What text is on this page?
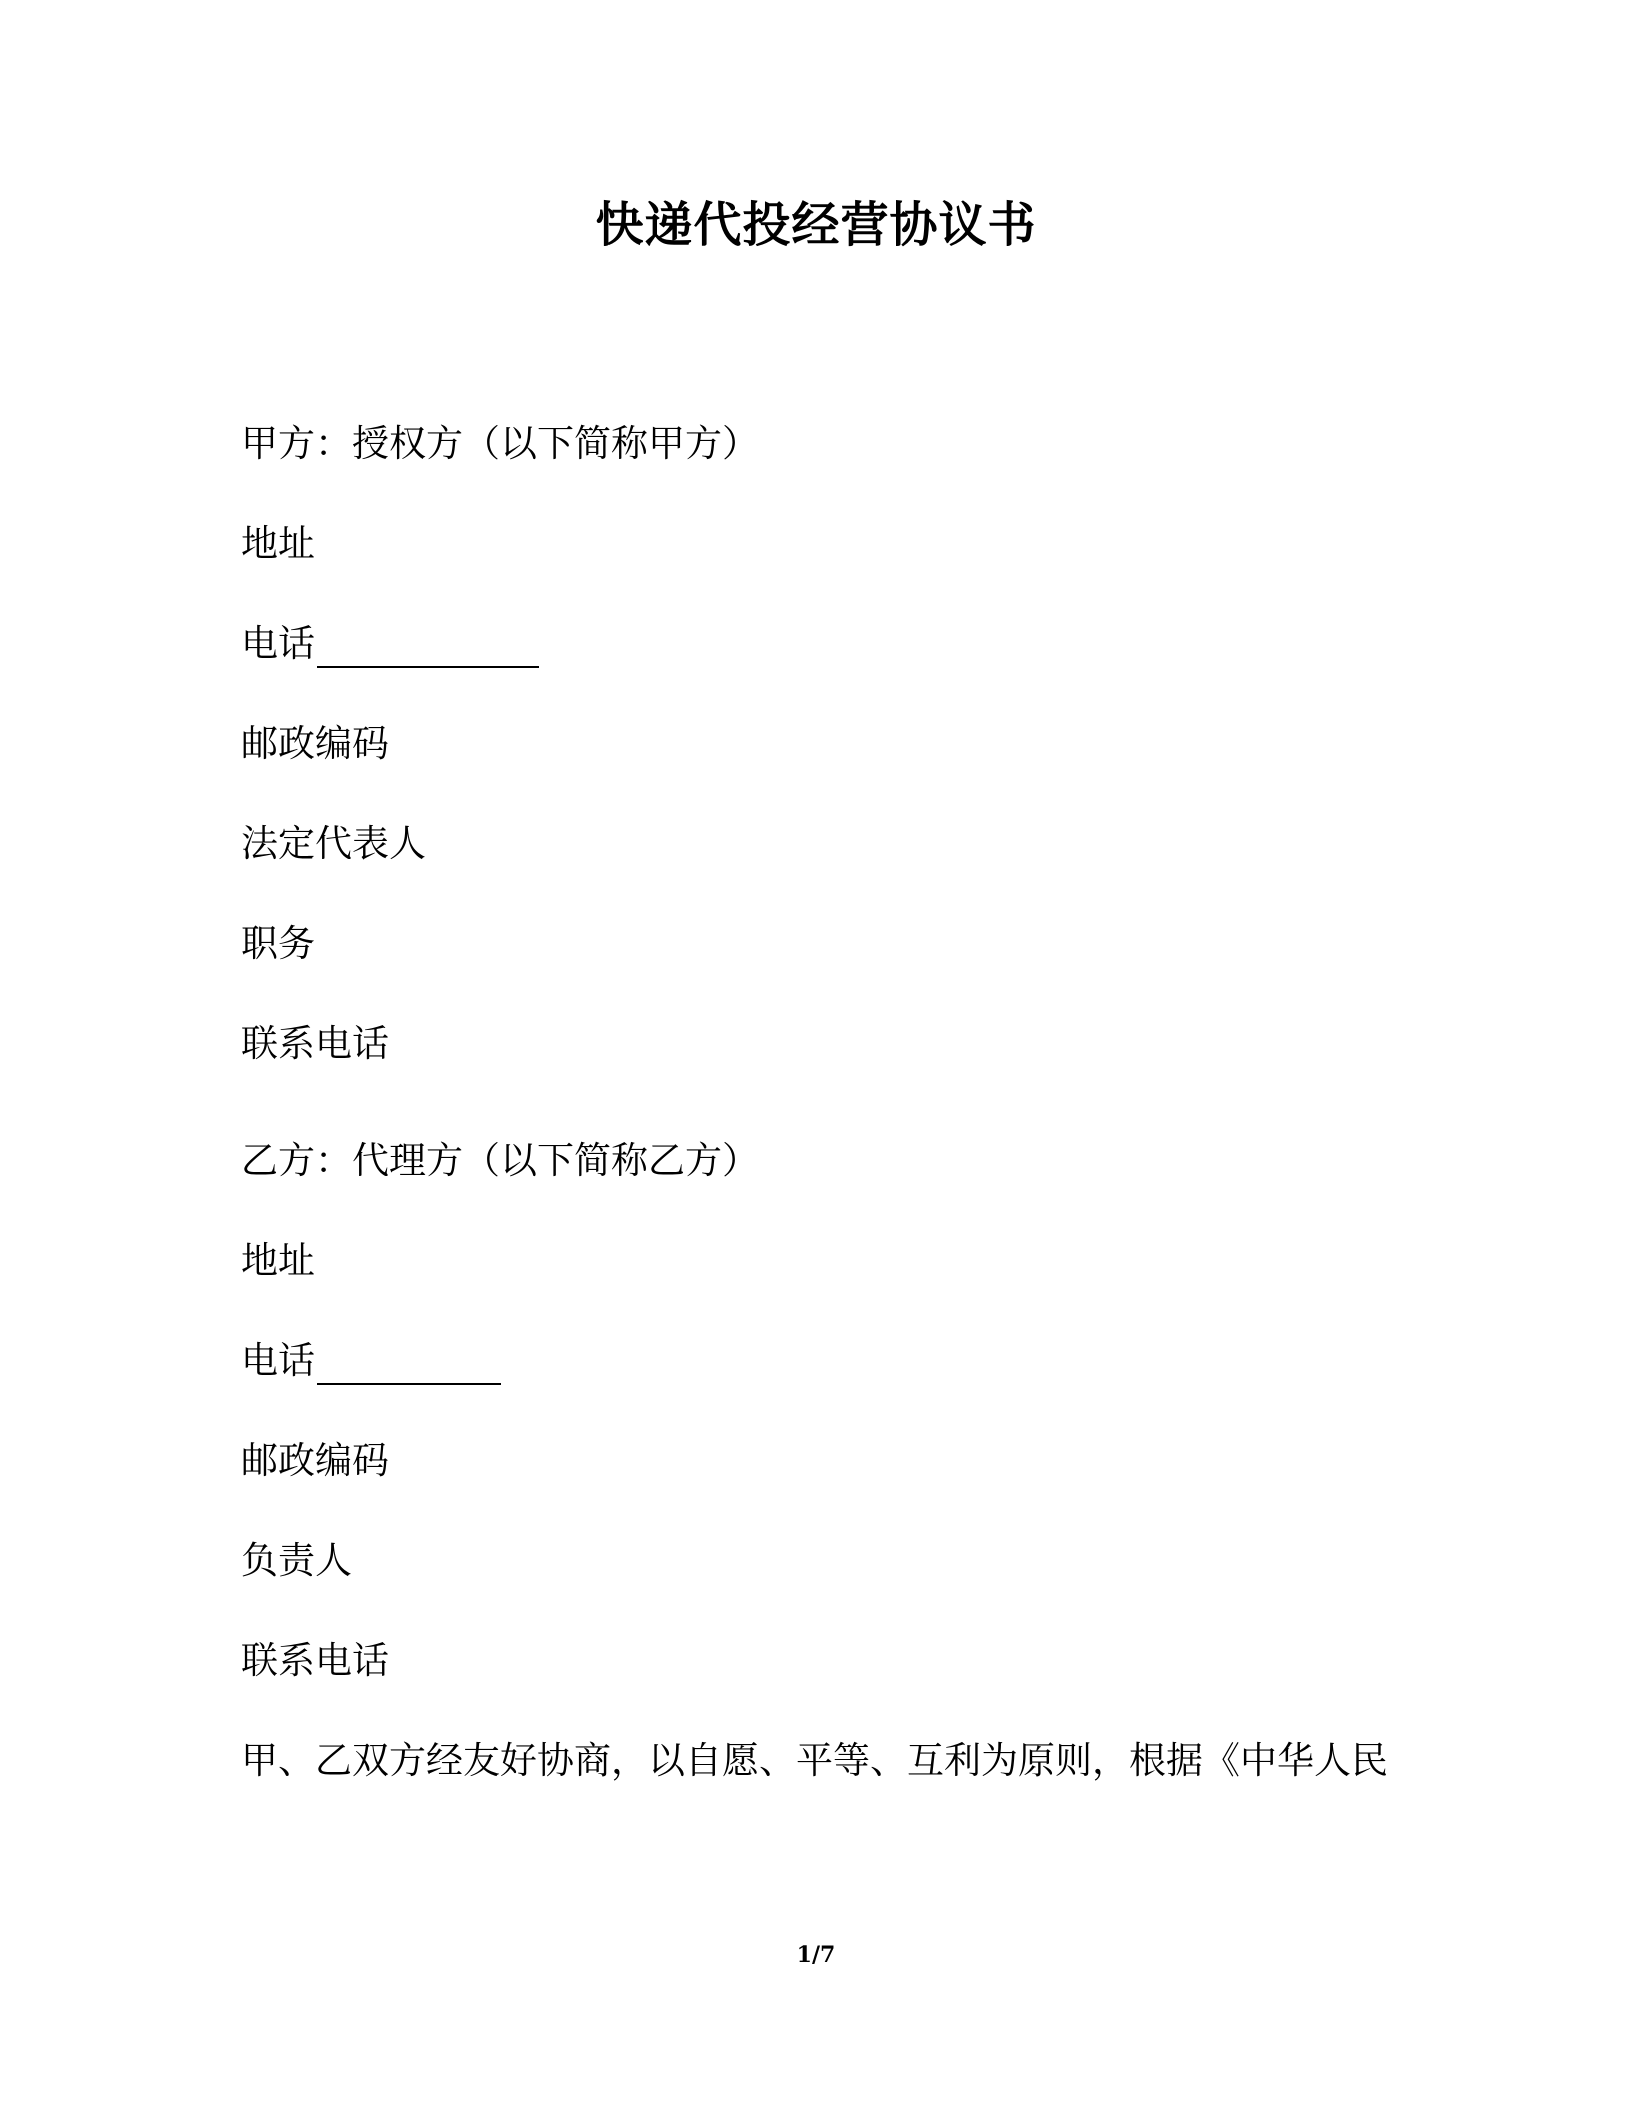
快递代投经营协议书
甲方：授权方（以下简称甲方）
地址
电话
邮政编码
法定代表人
职务
联系电话
乙方：代理方（以下简称乙方）
地址
电话
邮政编码
负责人
联系电话
甲、乙双方经友好协商，以自愿、平等、互利为原则，根据《中华人民
1/7
